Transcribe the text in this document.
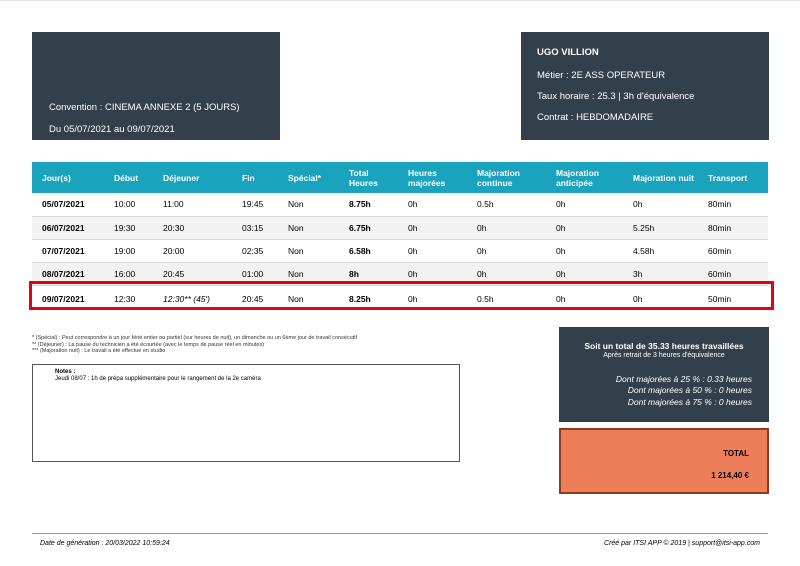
Convention : CINEMA ANNEXE 2 (5 JOURS)
Du 05/07/2021 au 09/07/2021
UGO VILLION
Métier : 2E ASS OPERATEUR
Taux horaire : 25.3 | 3h d'équivalence
Contrat : HEBDOMADAIRE
Jour(s)	Début	Déjeuner	Fin	Spécial*	Total Heures	Heures majorées	Majoration continue	Majoration anticipée	Majoration nuit	Transport
05/07/2021	10:00	11:00	19:45	Non	8.75h	0h	0.5h	0h	0h	80min
06/07/2021	19:30	20:30	03:15	Non	6.75h	0h	0h	0h	5.25h	80min
07/07/2021	19:00	20:00	02:35	Non	6.58h	0h	0h	0h	4.58h	60min
08/07/2021	16:00	20:45	01:00	Non	8h	0h	0h	0h	3h	60min
09/07/2021	12:30	12:30** (45')	20:45	Non	8.25h	0h	0.5h	0h	0h	50min
* (Spécial) : Peut correspondre à un jour férié entier ou partiel (sur heures de nuit), un dimanche ou un 6ème jour de travail consécutif
** (Déjeuner) : La pause du technicien a été écourtée (avec le temps de pause réel en minutes)
*** (Majoration nuit) : Le travail a été effectué en studio
Notes :
Jeudi 08/07 : 1h de prépa supplémentaire pour le rangement de la 2e caméra
Soit un total de 35.33 heures travaillées
Après retrait de 3 heures d'équivalence
Dont majorées à 25 % : 0.33 heures
Dont majorées à 50 % : 0 heures
Dont majorées à 75 % : 0 heures
TOTAL
1 214,40 €
Date de génération : 20/03/2022 10:59:24	Créé par ITSI APP © 2019 | support@itsi-app.com
